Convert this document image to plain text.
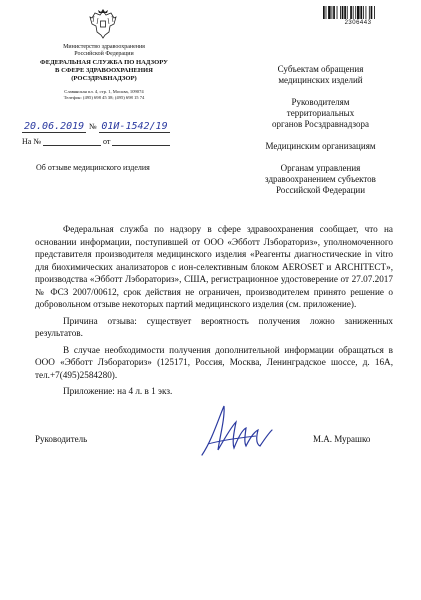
Министерство здравоохранения
Российской Федерации
ФЕДЕРАЛЬНАЯ СЛУЖБА ПО НАДЗОРУ
В СФЕРЕ ЗДРАВООХРАНЕНИЯ
(РОСЗДРАВНАДЗОР)
Славянская пл. 4, стр. 1, Москва, 109074
Телефон: (495) 698 45 38; (495) 698 15 74
2306443
20.06.2019 № 01И-1542/19
На №	от
Об отзыве медицинского изделия
Субъектам обращения
медицинских изделий
Руководителям
территориальных
органов Росздравнадзора
Медицинским организациям
Органам управления
здравоохранением субъектов
Российской Федерации

Федеральная служба по надзору в сфере здравоохранения сообщает, что на основании информации, поступившей от ООО «Эбботт Лэбораториз», уполномоченного представителя производителя медицинского изделия «Реагенты диагностические in vitro для биохимических анализаторов с ион-селективным блоком AEROSET и ARCHITECT», производства «Эбботт Лэбораториз», США, регистрационное удостоверение от 27.07.2017 № ФСЗ 2007/00612, срок действия не ограничен, производителем принято решение о добровольном отзыве некоторых партий медицинского изделия (см. приложение).

Причина отзыва: существует вероятность получения ложно заниженных результатов.

В случае необходимости получения дополнительной информации обращаться в ООО «Эбботт Лэбораториз» (125171, Россия, Москва, Ленинградское шоссе, д. 16А, тел.+7(495)2584280).

Приложение: на 4 л. в 1 экз.

Руководитель	М.А. Мурашко
